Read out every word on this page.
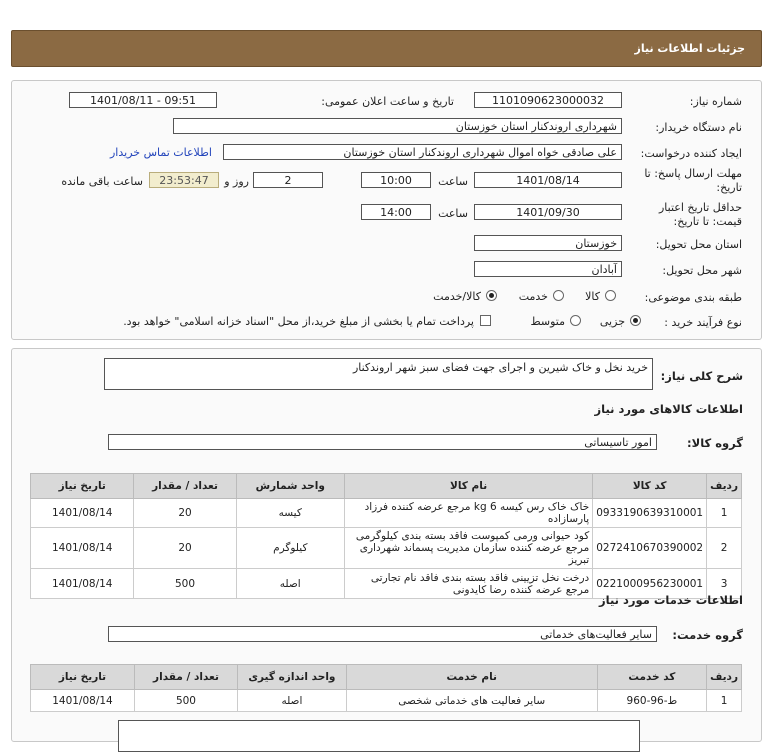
جزئیات اطلاعات نیاز
شماره نیاز:
1101090623000032
تاریخ و ساعت اعلان عمومی:
1401/08/11 - 09:51
نام دستگاه خریدار:
شهرداری اروندکنار استان خوزستان
ایجاد کننده درخواست:
علی صادقی خواه اموال شهرداری اروندکنار استان خوزستان
اطلاعات تماس خریدار
مهلت ارسال پاسخ: تا
تاریخ:
1401/08/14
ساعت
10:00
2
روز و
23:53:47
ساعت باقی مانده
حداقل تاریخ اعتبار
قیمت: تا تاریخ:
1401/09/30
ساعت
14:00
استان محل تحویل:
خوزستان
شهر محل تحویل:
آبادان
طبقه بندی موضوعی:
کالا
خدمت
کالا/خدمت
نوع فرآیند خرید :
جزیی
متوسط
پرداخت تمام یا بخشی از مبلغ خرید،از محل "اسناد خزانه اسلامی" خواهد بود.
شرح کلی نیاز:
خرید نخل و خاک شیرین و اجرای جهت فضای سبز شهر اروندکنار
اطلاعات کالاهای مورد نیاز
گروه کالا:
امور تاسیساتی
ردیف	کد کالا	نام کالا	واحد شمارش	تعداد / مقدار	تاریخ نیاز
1	0933190639310001	خاک خاک رس کیسه 6 kg مرجع عرضه کننده فرزاد پارسازاده	کیسه	20	1401/08/14
2	0272410670390002	کود حیوانی ورمی کمپوست فاقد بسته بندی کیلوگرمی مرجع عرضه کننده سازمان مدیریت پسماند شهرداری تبریز	کیلوگرم	20	1401/08/14
3	0221000956230001	درخت نخل تزیینی فاقد بسته بندی فاقد نام تجارتی مرجع عرضه کننده رضا کایدونی	اصله	500	1401/08/14
اطلاعات خدمات مورد نیاز
گروه خدمت:
سایر فعالیت‌های خدماتی
ردیف	کد خدمت	نام خدمت	واحد اندازه گیری	تعداد / مقدار	تاریخ نیاز
1	ط-96-960	سایر فعالیت های خدماتی شخصی	اصله	500	1401/08/14
